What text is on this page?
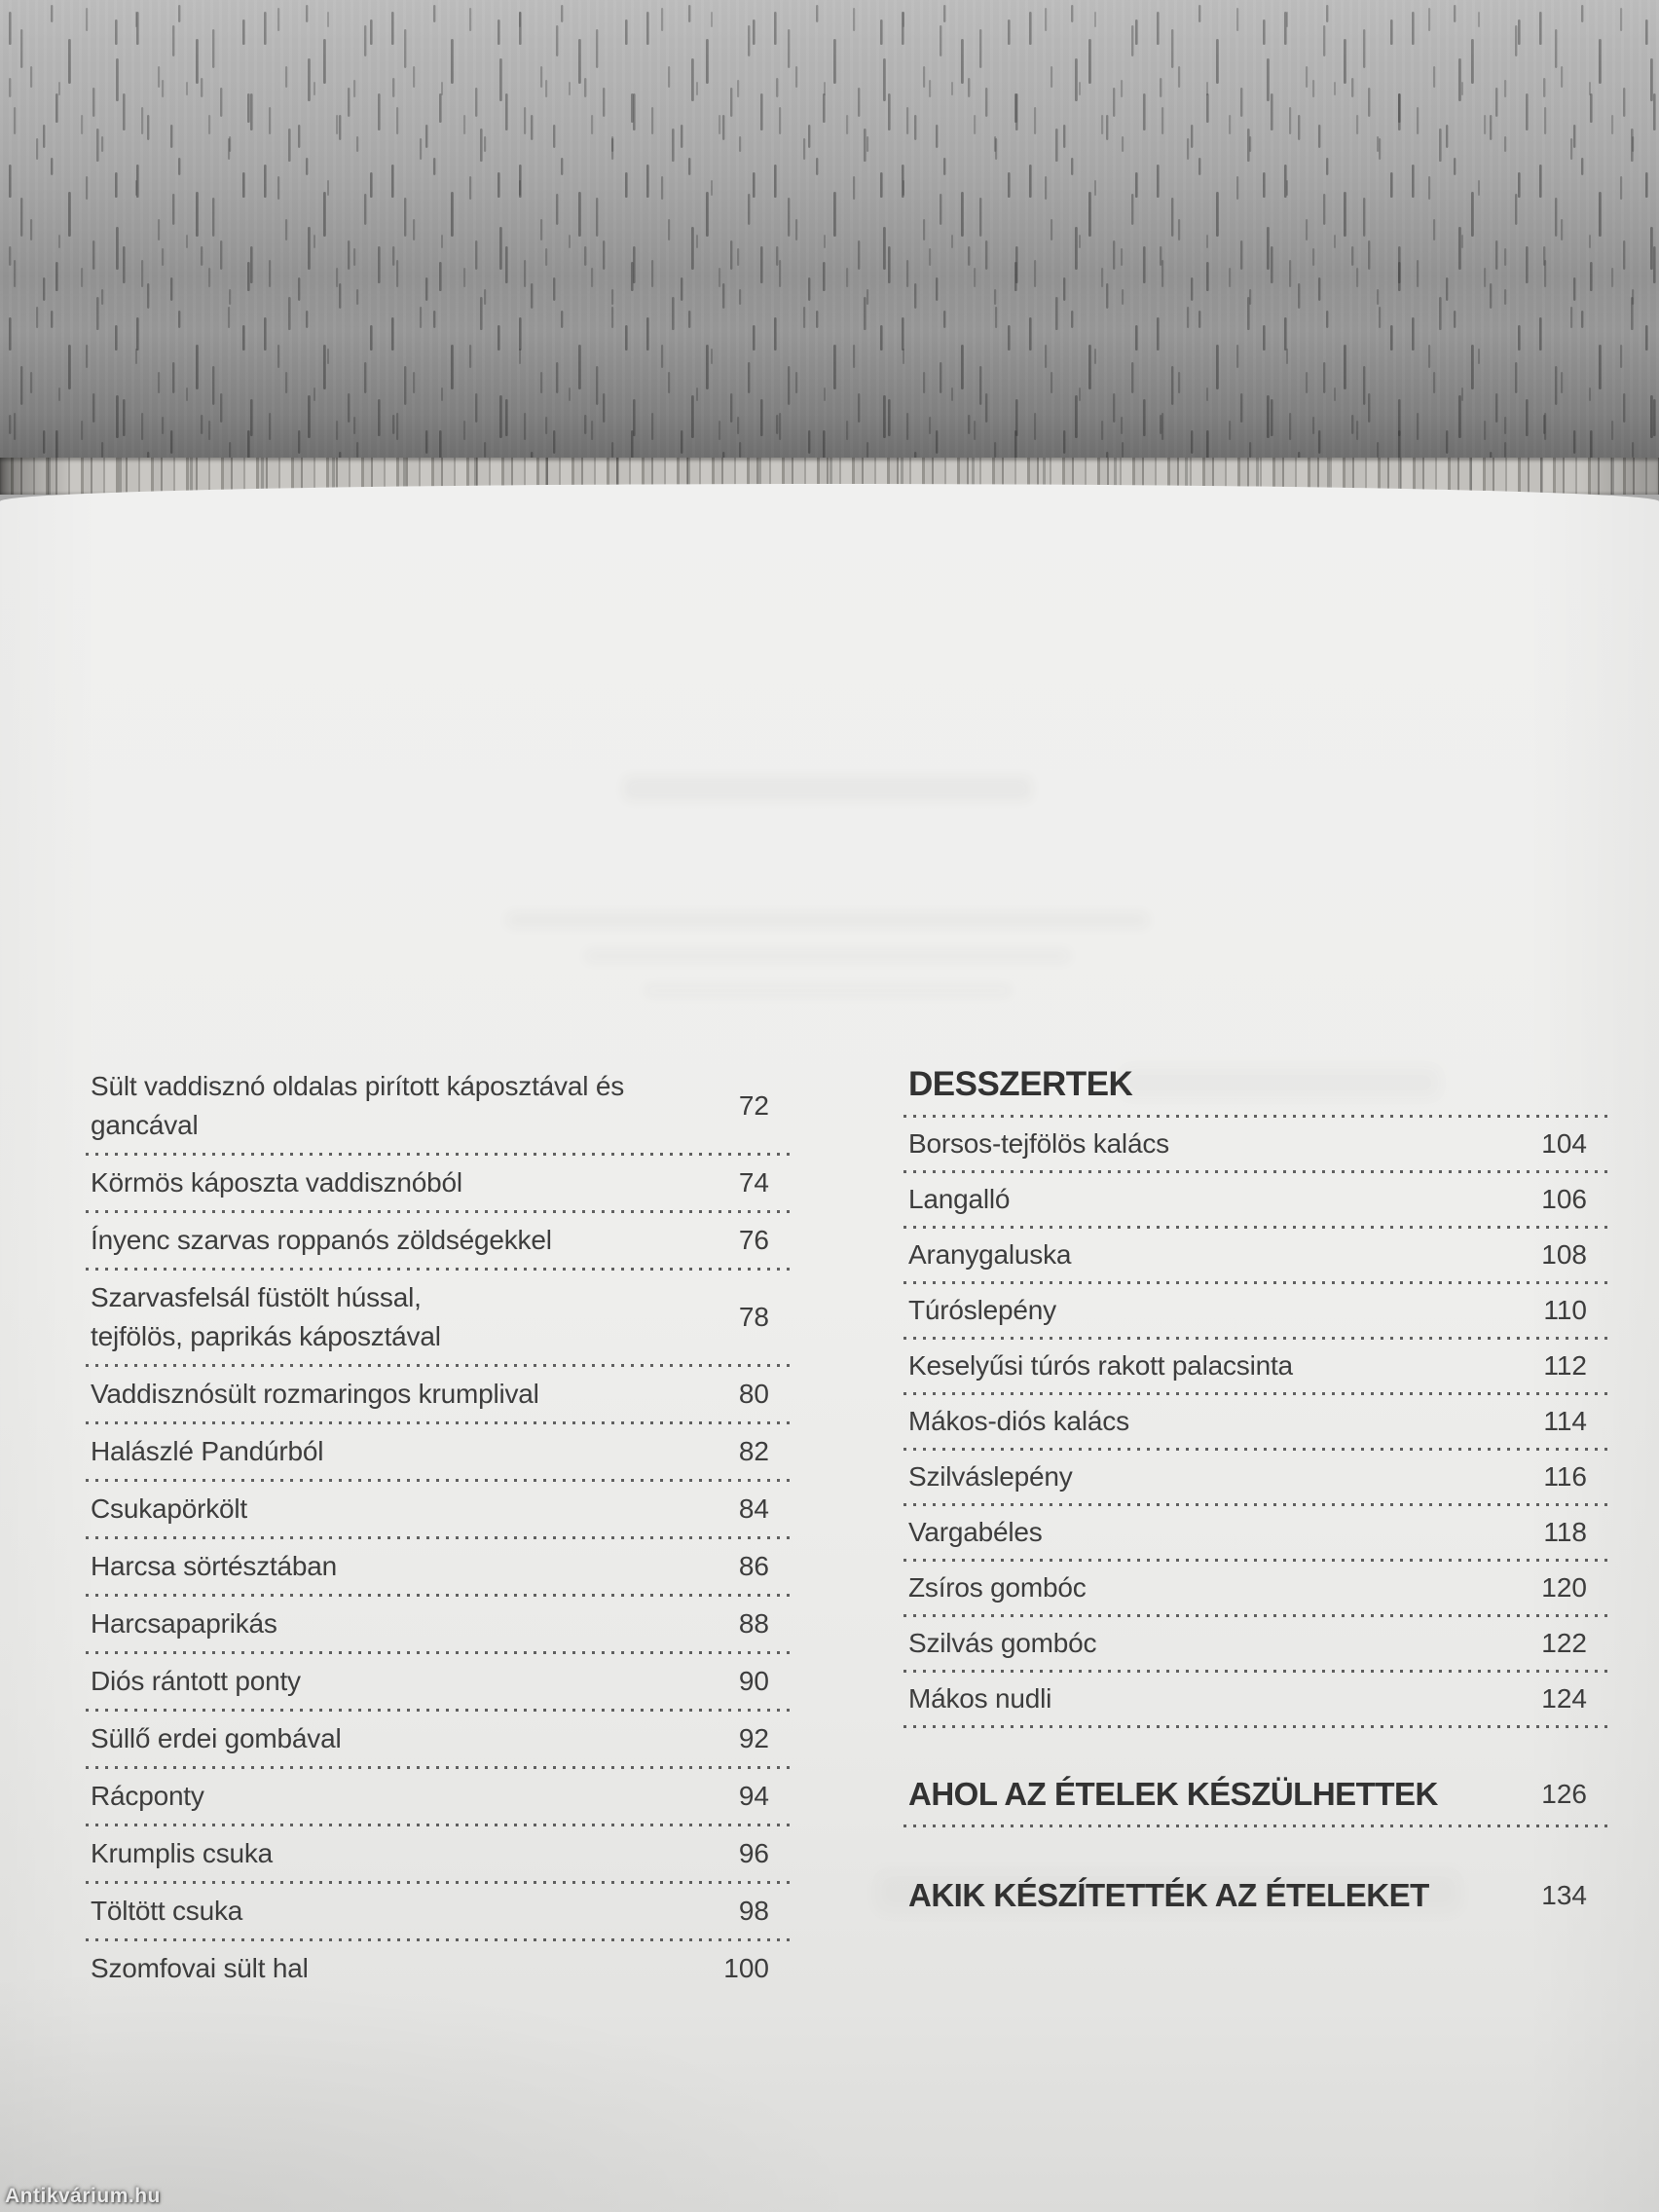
Sült vaddisznó oldalas pirított káposztával és
gancával
72
Körmös káposzta vaddisznóból	74
Ínyenc szarvas roppanós zöldségekkel	76
Szarvasfelsál füstölt hússal,
tejfölös, paprikás káposztával
78
Vaddisznósült rozmaringos krumplival	80
Halászlé Pandúrból	82
Csukapörkölt	84
Harcsa sörtésztában	86
Harcsapaprikás	88
Diós rántott ponty	90
Süllő erdei gombával	92
Rácponty	94
Krumplis csuka	96
Töltött csuka	98
Szomfovai sült hal	100
DESSZERTEK
Borsos-tejfölös kalács	104
Langalló	106
Aranygaluska	108
Túróslepény	110
Keselyűsi túrós rakott palacsinta	112
Mákos-diós kalács	114
Szilváslepény	116
Vargabéles	118
Zsíros gombóc	120
Szilvás gombóc	122
Mákos nudli	124
AHOL AZ ÉTELEK KÉSZÜLHETTEK	126
AKIK KÉSZÍTETTÉK AZ ÉTELEKET	134
Antikvárium.hu
